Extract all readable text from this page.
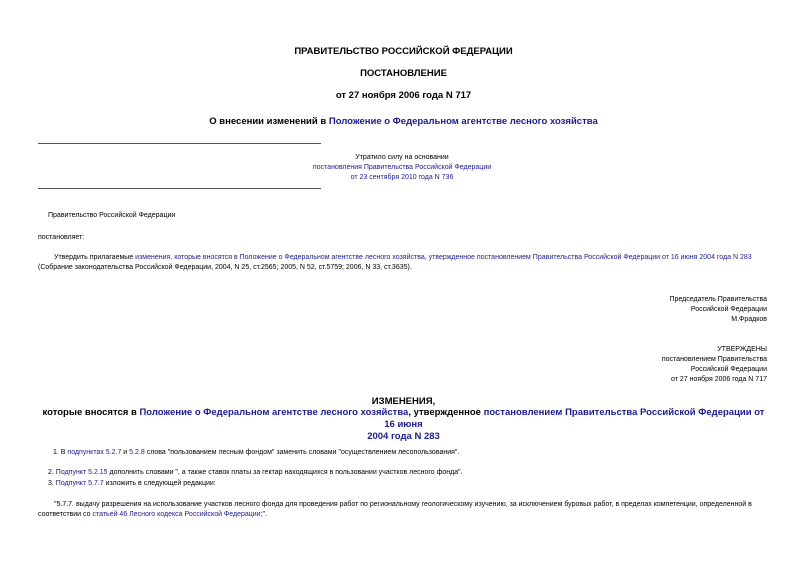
ПРАВИТЕЛЬСТВО РОССИЙСКОЙ ФЕДЕРАЦИИ
ПОСТАНОВЛЕНИЕ
от 27 ноября 2006 года N 717
О внесении изменений в Положение о Федеральном агентстве лесного хозяйства
Утратило силу на основании
постановления Правительства Российской Федерации
от 23 сентября 2010 года N 736
Правительство Российской Федерации
постановляет:
Утвердить прилагаемые изменения, которые вносятся в Положение о Федеральном агентстве лесного хозяйства, утвержденное постановлением Правительства Российской Федерации от 16 июня 2004 года N 283 (Собрание законодательства Российской Федерации, 2004, N 25, ст.2565; 2005, N 52, ст.5759; 2006, N 33, ст.3635).
Председатель Правительства
Российской Федерации
М.Фрадков
УТВЕРЖДЕНЫ
постановлением Правительства
Российской Федерации
от 27 ноября 2006 года N 717
ИЗМЕНЕНИЯ,
которые вносятся в Положение о Федеральном агентстве лесного хозяйства, утвержденное постановлением Правительства Российской Федерации от 16 июня
2004 года N 283
1. В подпунктах 5.2.7 и 5.2.8 слова "пользованием лесным фондом" заменить словами "осуществлением лесопользования".
2. Подпункт 5.2.15 дополнить словами ", а также ставок платы за гектар находящихся в пользовании участков лесного фонда".
3. Подпункт 5.7.7 изложить в следующей редакции:
"5.7.7. выдачу разрешения на использование участков лесного фонда для проведения работ по региональному геологическому изучению, за исключением буровых работ, в пределах компетенции, определенной в соответствии со статьей 46 Лесного кодекса Российской Федерации;".
